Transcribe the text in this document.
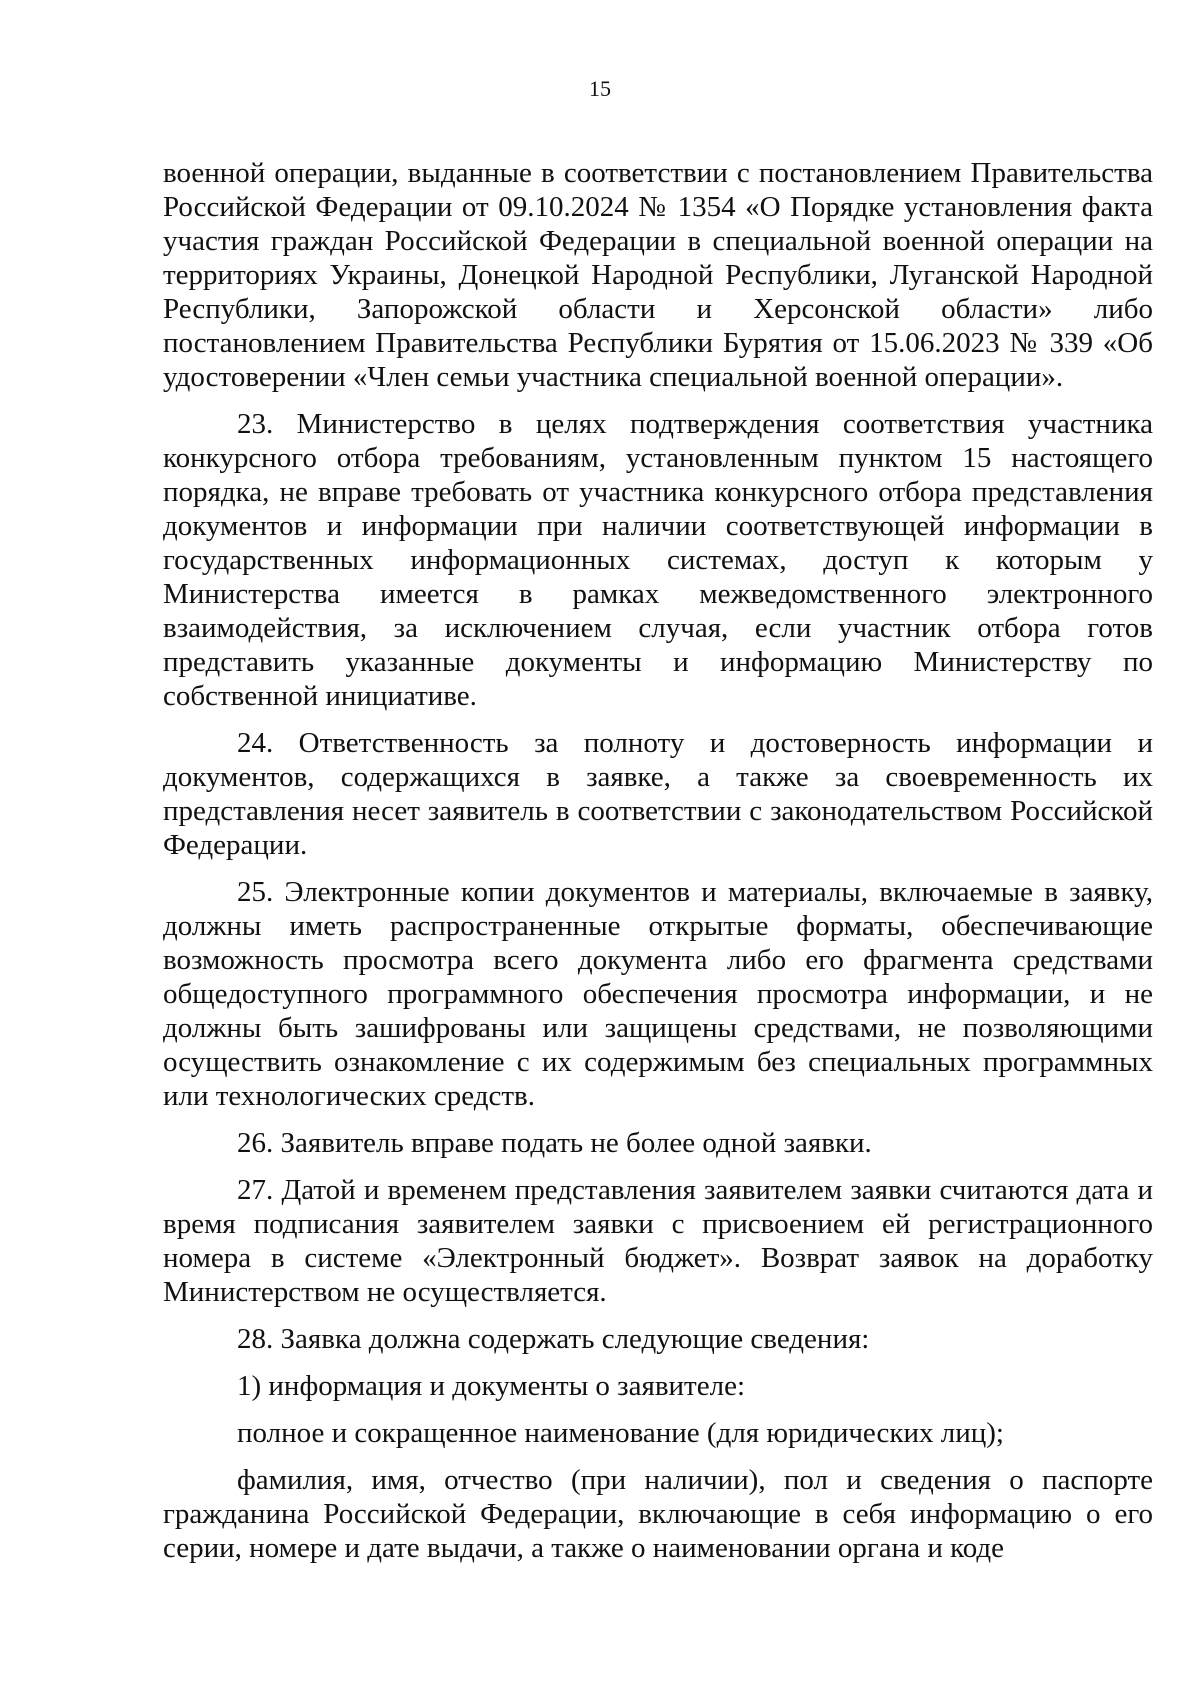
15

военной операции, выданные в соответствии с постановлением Правительства Российской Федерации от 09.10.2024 № 1354 «О Порядке установления факта участия граждан Российской Федерации в специальной военной операции на территориях Украины, Донецкой Народной Республики, Луганской Народной Республики, Запорожской области и Херсонской области» либо постановлением Правительства Республики Бурятия от 15.06.2023 № 339 «Об удостоверении «Член семьи участника специальной военной операции».

23. Министерство в целях подтверждения соответствия участника конкурсного отбора требованиям, установленным пунктом 15 настоящего порядка, не вправе требовать от участника конкурсного отбора представления документов и информации при наличии соответствующей информации в государственных информационных системах, доступ к которым у Министерства имеется в рамках межведомственного электронного взаимодействия, за исключением случая, если участник отбора готов представить указанные документы и информацию Министерству по собственной инициативе.

24. Ответственность за полноту и достоверность информации и документов, содержащихся в заявке, а также за своевременность их представления несет заявитель в соответствии с законодательством Российской Федерации.

25. Электронные копии документов и материалы, включаемые в заявку, должны иметь распространенные открытые форматы, обеспечивающие возможность просмотра всего документа либо его фрагмента средствами общедоступного программного обеспечения просмотра информации, и не должны быть зашифрованы или защищены средствами, не позволяющими осуществить ознакомление с их содержимым без специальных программных или технологических средств.

26. Заявитель вправе подать не более одной заявки.

27. Датой и временем представления заявителем заявки считаются дата и время подписания заявителем заявки с присвоением ей регистрационного номера в системе «Электронный бюджет». Возврат заявок на доработку Министерством не осуществляется.

28. Заявка должна содержать следующие сведения:

1) информация и документы о заявителе:

полное и сокращенное наименование (для юридических лиц);

фамилия, имя, отчество (при наличии), пол и сведения о паспорте гражданина Российской Федерации, включающие в себя информацию о его серии, номере и дате выдачи, а также о наименовании органа и коде
